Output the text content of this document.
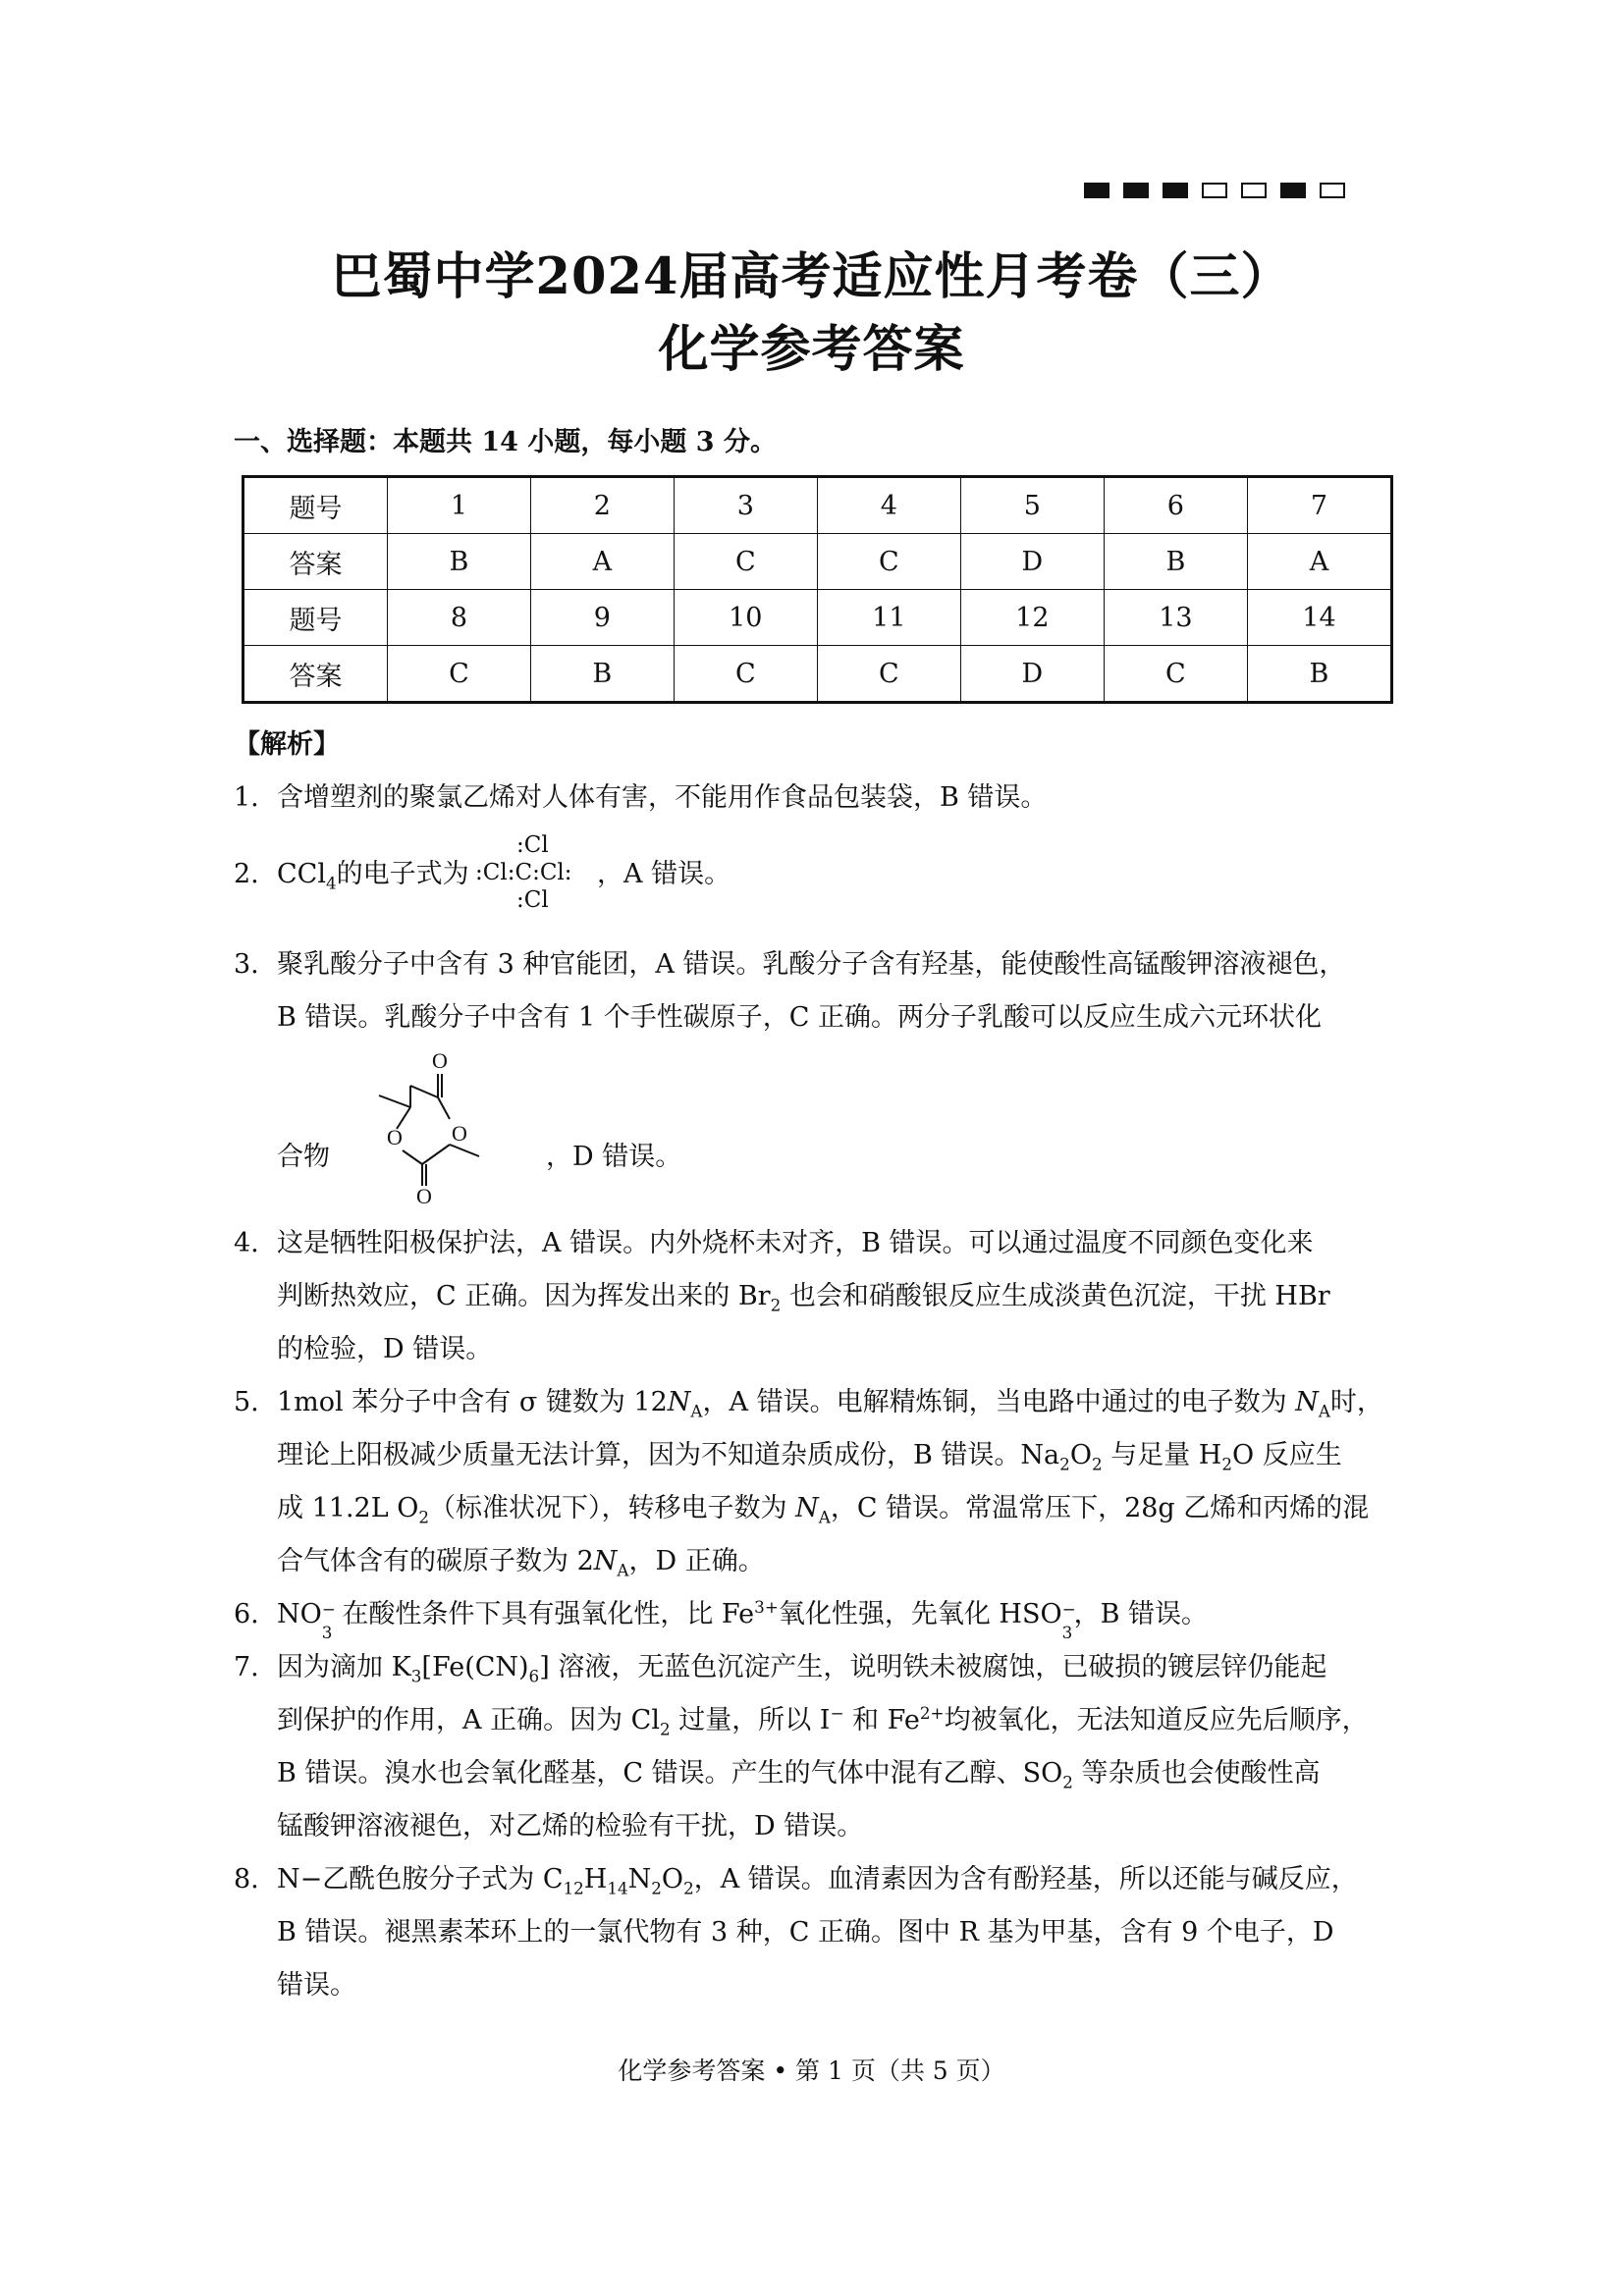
巴蜀中学2024届高考适应性月考卷（三）
化学参考答案
一、选择题：本题共 14 小题，每小题 3 分。
题号	1	2	3	4	5	6	7
答案	B	A	C	C	D	B	A
题号	8	9	10	11	12	13	14
答案	C	B	C	C	D	C	B
【解析】
1. 含增塑剂的聚氯乙烯对人体有害，不能用作食品包装袋，B 错误。
2. CCl$_4$的电子式为
:Cl
:Cl:C:Cl:
:Cl
，A 错误。
3. 聚乳酸分子中含有 3 种官能团，A 错误。乳酸分子含有羟基，能使酸性高锰酸钾溶液褪色，
B 错误。乳酸分子中含有 1 个手性碳原子，C 正确。两分子乳酸可以反应生成六元环状化
合物
O
O
O
O
，D 错误。
4. 这是牺牲阳极保护法，A 错误。内外烧杯未对齐，B 错误。可以通过温度不同颜色变化来
判断热效应，C 正确。因为挥发出来的 $Br_2$ 也会和硝酸银反应生成淡黄色沉淀，干扰 HBr
的检验，D 错误。
5. 1mol 苯分子中含有 σ 键数为 $12N_A$，A 错误。电解精炼铜，当电路中通过的电子数为 $N_A$时，
理论上阳极减少质量无法计算，因为不知道杂质成份，B 错误。$Na_2O_2$ 与足量 $H_2O$ 反应生
成 11.2L $O_2$（标准状况下），转移电子数为 $N_A$，C 错误。常温常压下，28g 乙烯和丙烯的混
合气体含有的碳原子数为 $2N_A$，D 正确。
6. NO −
3
在酸性条件下具有强氧化性，比 $Fe^{3+}$氧化性强，先氧化 HSO −
3
，B 错误。
7. 因为滴加 $K_3[Fe(CN)_6]$ 溶液，无蓝色沉淀产生，说明铁未被腐蚀，已破损的镀层锌仍能起
到保护的作用，A 正确。因为 $Cl_2$ 过量，所以 I− 和 $Fe^{2+}$均被氧化，无法知道反应先后顺序，
B 错误。溴水也会氧化醛基，C 错误。产生的气体中混有乙醇、$SO_2$ 等杂质也会使酸性高
锰酸钾溶液褪色，对乙烯的检验有干扰，D 错误。
8. N−乙酰色胺分子式为 $C_{12}H_{14}N_2O_2$，A 错误。血清素因为含有酚羟基，所以还能与碱反应，
B 错误。褪黑素苯环上的一氯代物有 3 种，C 正确。图中 R 基为甲基，含有 9 个电子，D
错误。
化学参考答案 • 第 1 页（共 5 页）
